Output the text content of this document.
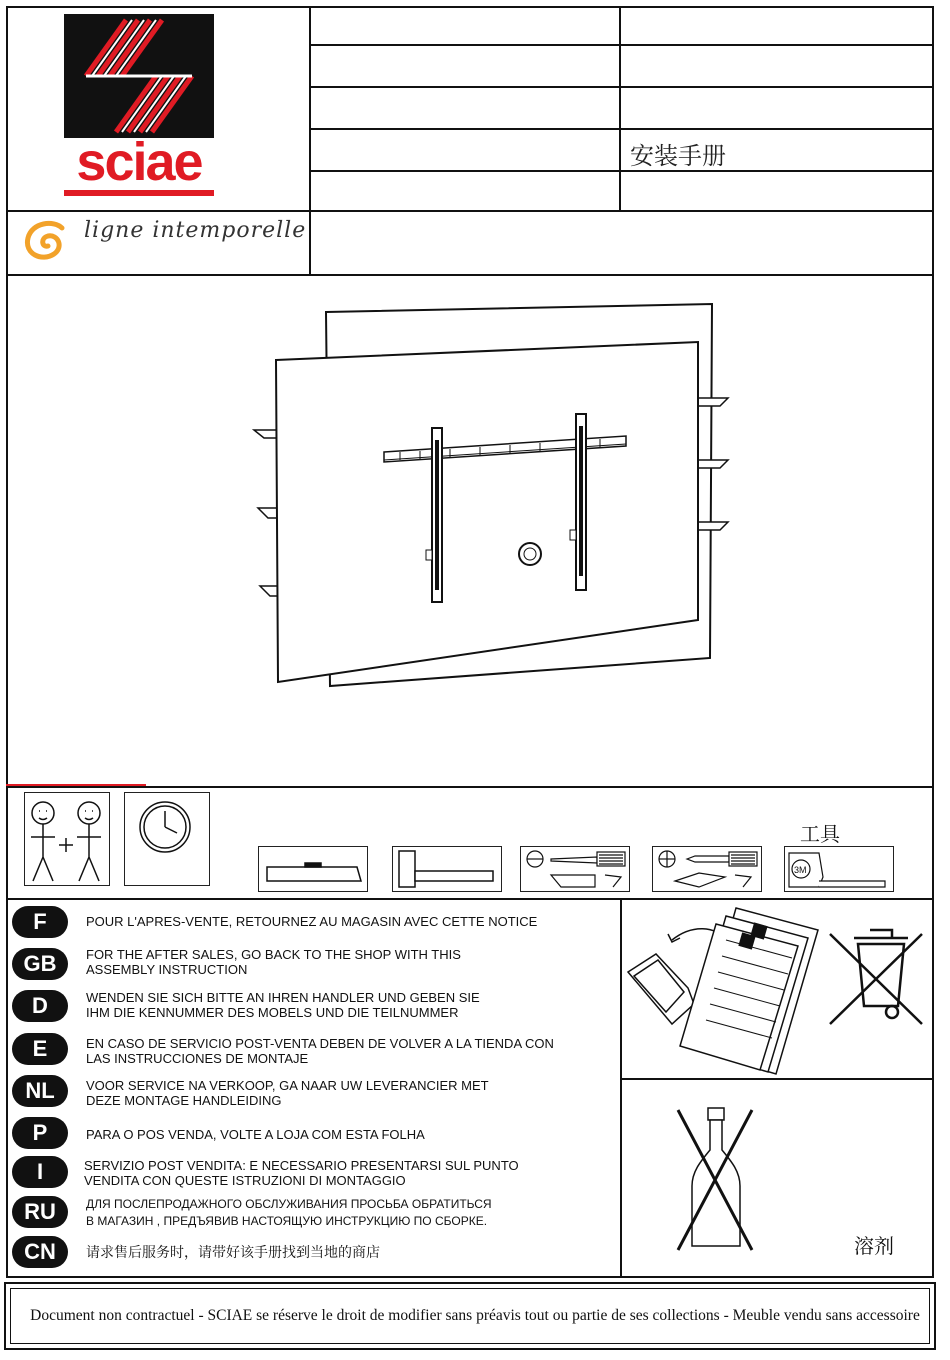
安装手册
sciae
ligne intemporelle
工具
3M
F	POUR L'APRES-VENTE, RETOURNEZ AU MAGASIN AVEC CETTE NOTICE
GB	FOR THE AFTER SALES, GO BACK TO THE SHOP WITH THIS ASSEMBLY INSTRUCTION
D	WENDEN SIE SICH BITTE AN IHREN HANDLER UND GEBEN SIE IHM DIE KENNUMMER DES MOBELS UND DIE TEILNUMMER
E	EN CASO DE SERVICIO POST-VENTA DEBEN DE VOLVER A LA TIENDA CON LAS INSTRUCCIONES DE MONTAJE
NL	VOOR SERVICE NA VERKOOP, GA NAAR UW LEVERANCIER MET DEZE MONTAGE HANDLEIDING
P	PARA O POS VENDA, VOLTE A LOJA COM ESTA FOLHA
I	SERVIZIO POST VENDITA: E NECESSARIO PRESENTARSI SUL PUNTO VENDITA CON QUESTE ISTRUZIONI DI MONTAGGIO
RU	ДЛЯ ПОСЛЕПРОДАЖНОГО ОБСЛУЖИВАНИЯ ПРОСЬБА ОБРАТИТЬСЯ В МАГАЗИН , ПРЕДЪЯВИВ НАСТОЯЩУЮ ИНСТРУКЦИЮ ПО СБОРКЕ.
CN	请求售后服务时，请带好该手册找到当地的商店	溶剂
Document non contractuel - SCIAE se réserve le droit de modifier sans préavis tout ou partie de ses collections - Meuble vendu sans accessoire
